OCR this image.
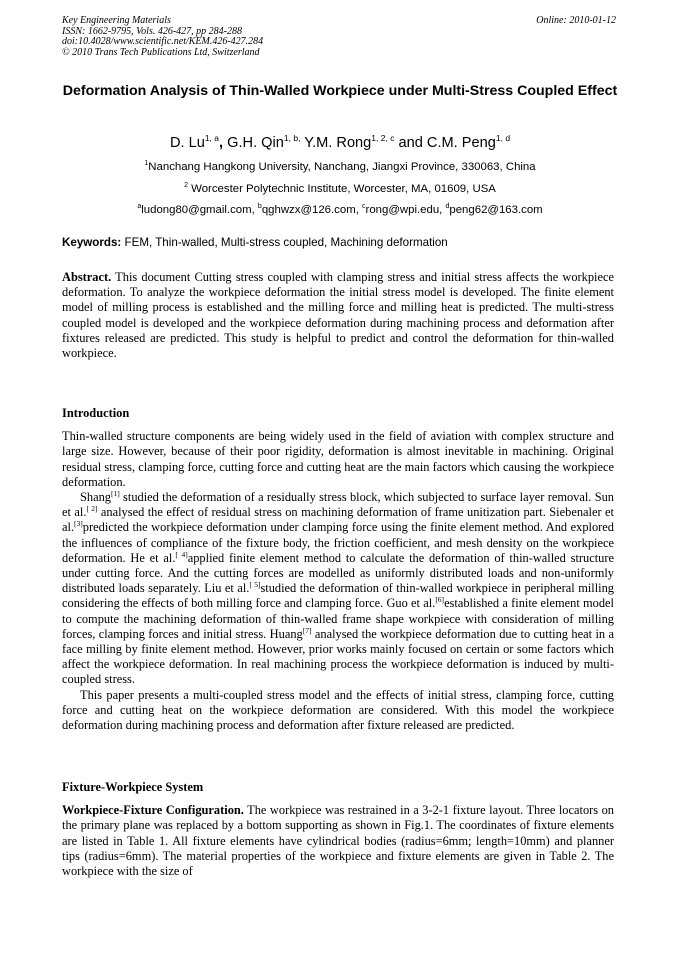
Key Engineering Materials
ISSN: 1662-9795, Vols. 426-427, pp 284-288
doi:10.4028/www.scientific.net/KEM.426-427.284
© 2010 Trans Tech Publications Ltd, Switzerland
Online: 2010-01-12
Deformation Analysis of Thin-Walled Workpiece under Multi-Stress Coupled Effect
D. Lu$^{1, a}$, G.H. Qin$^{1, b,}$ Y.M. Rong$^{1, 2, c}$ and C.M. Peng$^{1, d}$
$^1$Nanchang Hangkong University, Nanchang, Jiangxi Province, 330063, China
$^2$ Worcester Polytechnic Institute, Worcester, MA, 01609, USA
$^a$ludong80@gmail.com, $^b$qghwzx@126.com, $^c$rong@wpi.edu, $^d$peng62@163.com
Keywords: FEM, Thin-walled, Multi-stress coupled, Machining deformation

Abstract. This document Cutting stress coupled with clamping stress and initial stress affects the workpiece deformation. To analyze the workpiece deformation the initial stress model is developed. The finite element model of milling process is established and the milling force and milling heat is predicted. The multi-stress coupled model is developed and the workpiece deformation during machining process and deformation after fixtures released are predicted. This study is helpful to predict and control the deformation for thin-walled workpiece.

Introduction

Thin-walled structure components are being widely used in the field of aviation with complex structure and large size. However, because of their poor rigidity, deformation is almost inevitable in machining. Original residual stress, clamping force, cutting force and cutting heat are the main factors which causing the workpiece deformation.

Shang[1] studied the deformation of a residually stress block, which subjected to surface layer removal. Sun et al.[ 2] analysed the effect of residual stress on machining deformation of frame unitization part. Siebenaler et al.[3]predicted the workpiece deformation under clamping force using the finite element method. And explored the influences of compliance of the fixture body, the friction coefficient, and mesh density on the workpiece deformation. He et al.[ 4]applied finite element method to calculate the deformation of thin-walled structure under cutting force. And the cutting forces are modelled as uniformly distributed loads and non-uniformly distributed loads separately. Liu et al.[ 5]studied the deformation of thin-walled workpiece in peripheral milling considering the effects of both milling force and clamping force. Guo et al.[6]established a finite element model to compute the machining deformation of thin-walled frame shape workpiece with consideration of milling forces, clamping forces and initial stress. Huang[7] analysed the workpiece deformation due to cutting heat in a face milling by finite element method. However, prior works mainly focused on certain or some factors which affect the workpiece deformation. In real machining process the workpiece deformation is induced by multi-coupled stress.

This paper presents a multi-coupled stress model and the effects of initial stress, clamping force, cutting force and cutting heat on the workpiece deformation are considered. With this model the workpiece deformation during machining process and deformation after fixture released are predicted.

Fixture-Workpiece System

Workpiece-Fixture Configuration. The workpiece was restrained in a 3-2-1 fixture layout. Three locators on the primary plane was replaced by a bottom supporting as shown in Fig.1. The coordinates of fixture elements are listed in Table 1. All fixture elements have cylindrical bodies (radius=6mm; length=10mm) and planner tips (radius=6mm). The material properties of the workpiece and fixture elements are given in Table 2. The workpiece with the size of
